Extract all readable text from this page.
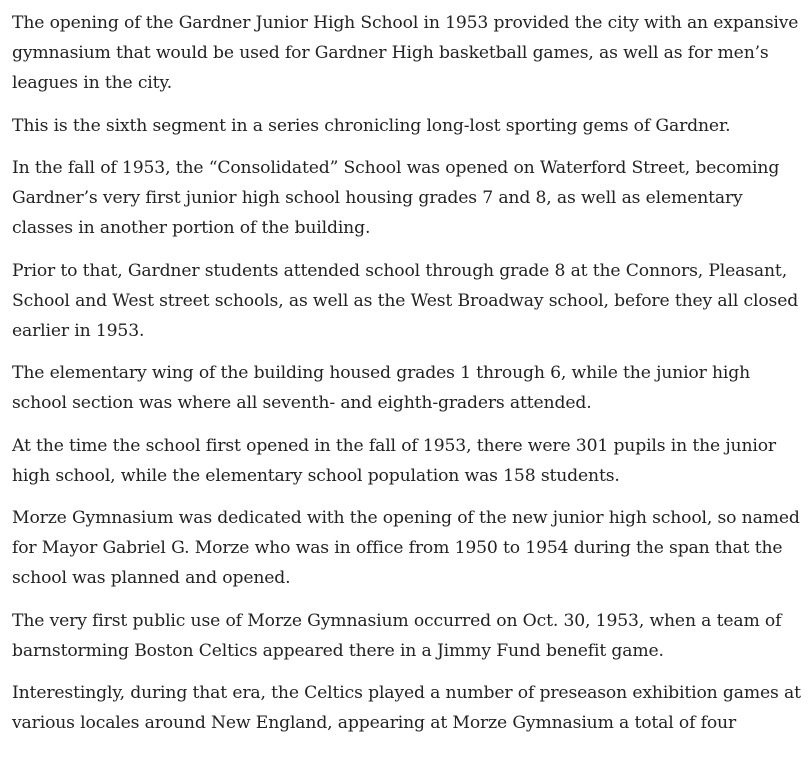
The opening of the Gardner Junior High School in 1953 provided the city with an expansive gymnasium that would be used for Gardner High basketball games, as well as for men’s leagues in the city.

This is the sixth segment in a series chronicling long-lost sporting gems of Gardner.

In the fall of 1953, the “Consolidated” School was opened on Waterford Street, becoming Gardner’s very first junior high school housing grades 7 and 8, as well as elementary classes in another portion of the building.

Prior to that, Gardner students attended school through grade 8 at the Connors, Pleasant, School and West street schools, as well as the West Broadway school, before they all closed earlier in 1953.

The elementary wing of the building housed grades 1 through 6, while the junior high school section was where all seventh- and eighth-graders attended.

At the time the school first opened in the fall of 1953, there were 301 pupils in the junior high school, while the elementary school population was 158 students.

Morze Gymnasium was dedicated with the opening of the new junior high school, so named for Mayor Gabriel G. Morze who was in office from 1950 to 1954 during the span that the school was planned and opened.

The very first public use of Morze Gymnasium occurred on Oct. 30, 1953, when a team of barnstorming Boston Celtics appeared there in a Jimmy Fund benefit game.

Interestingly, during that era, the Celtics played a number of preseason exhibition games at various locales around New England, appearing at Morze Gymnasium a total of four
